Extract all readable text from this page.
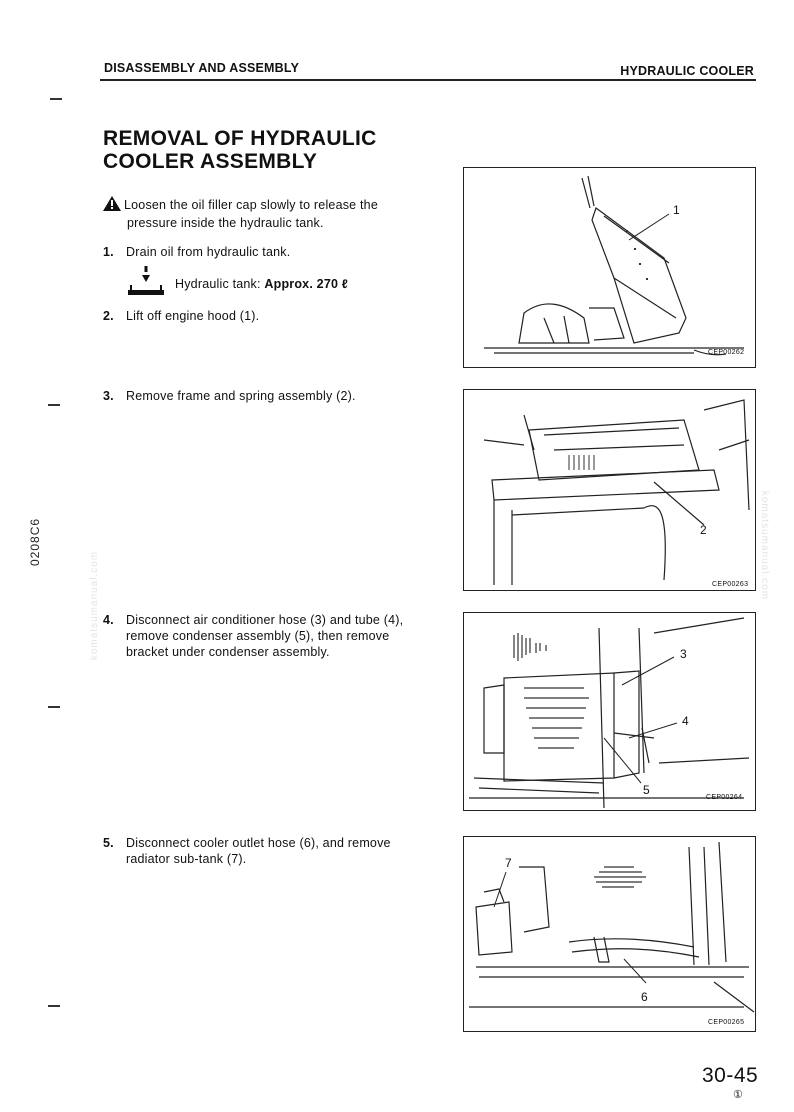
DISASSEMBLY AND ASSEMBLY	HYDRAULIC COOLER
0208C6
komatsumanual.com
komatsumanual.com
REMOVAL OF HYDRAULIC
COOLER ASSEMBLY
Loosen the oil filler cap slowly to release the
pressure inside the hydraulic tank.
1. Drain oil from hydraulic tank.
Hydraulic tank: Approx. 270 ℓ
2. Lift off engine hood (1).
3. Remove frame and spring assembly (2).
4. Disconnect air conditioner hose (3) and tube (4),
remove condenser assembly (5), then remove
bracket under condenser assembly.
5. Disconnect cooler outlet hose (6), and remove
radiator sub-tank (7).
1
CEP00262
2
CEP00263
3
4
5
CEP00264
7
6
CEP00265
30-45
①
